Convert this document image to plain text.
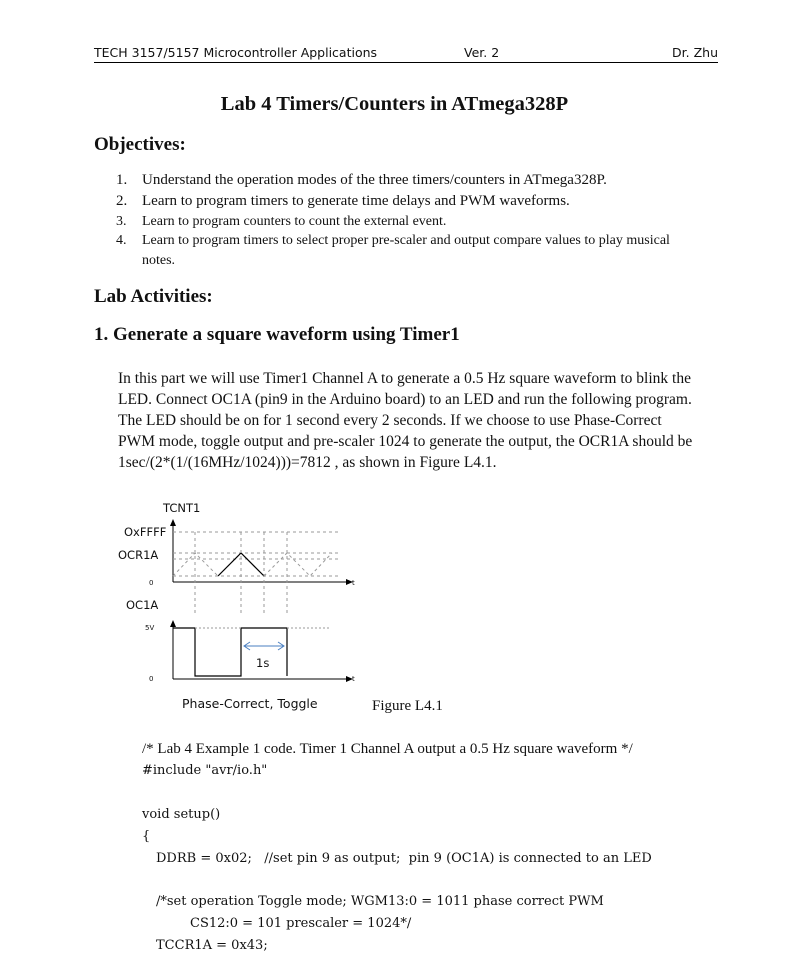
TECH 3157/5157 Microcontroller Applications	Ver. 2	Dr. Zhu
Lab 4 Timers/Counters in ATmega328P
Objectives:
1. Understand the operation modes of the three timers/counters in ATmega328P.
2. Learn to program timers to generate time delays and PWM waveforms.
3.	Learn to program counters to count the external event.
4.	Learn to program timers to select proper pre-scaler and output compare values to play musical
notes.
Lab Activities:
1. Generate a square waveform using Timer1
In this part we will use Timer1 Channel A to generate a 0.5 Hz square waveform to blink the
LED. Connect OC1A (pin9 in the Arduino board) to an LED and run the following program.
The LED should be on for 1 second every 2 seconds. If we choose to use Phase-Correct
PWM mode, toggle output and pre-scaler 1024 to generate the output, the OCR1A should be
1sec/(2*(1/(16MHz/1024)))=7812 , as shown in Figure L4.1.
TCNT1
OxFFFF
OCR1A
0	t
OC1A
5V
0	t
1s
Phase-Correct, Toggle	Figure L4.1
/* Lab 4 Example 1 code. Timer 1 Channel A output a 0.5 Hz square waveform */
#include "avr/io.h"
void setup()
{
DDRB = 0x02;   //set pin 9 as output;  pin 9 (OC1A) is connected to an LED
/*set operation Toggle mode; WGM13:0 = 1011 phase correct PWM
CS12:0 = 101 prescaler = 1024*/
TCCR1A = 0x43;
